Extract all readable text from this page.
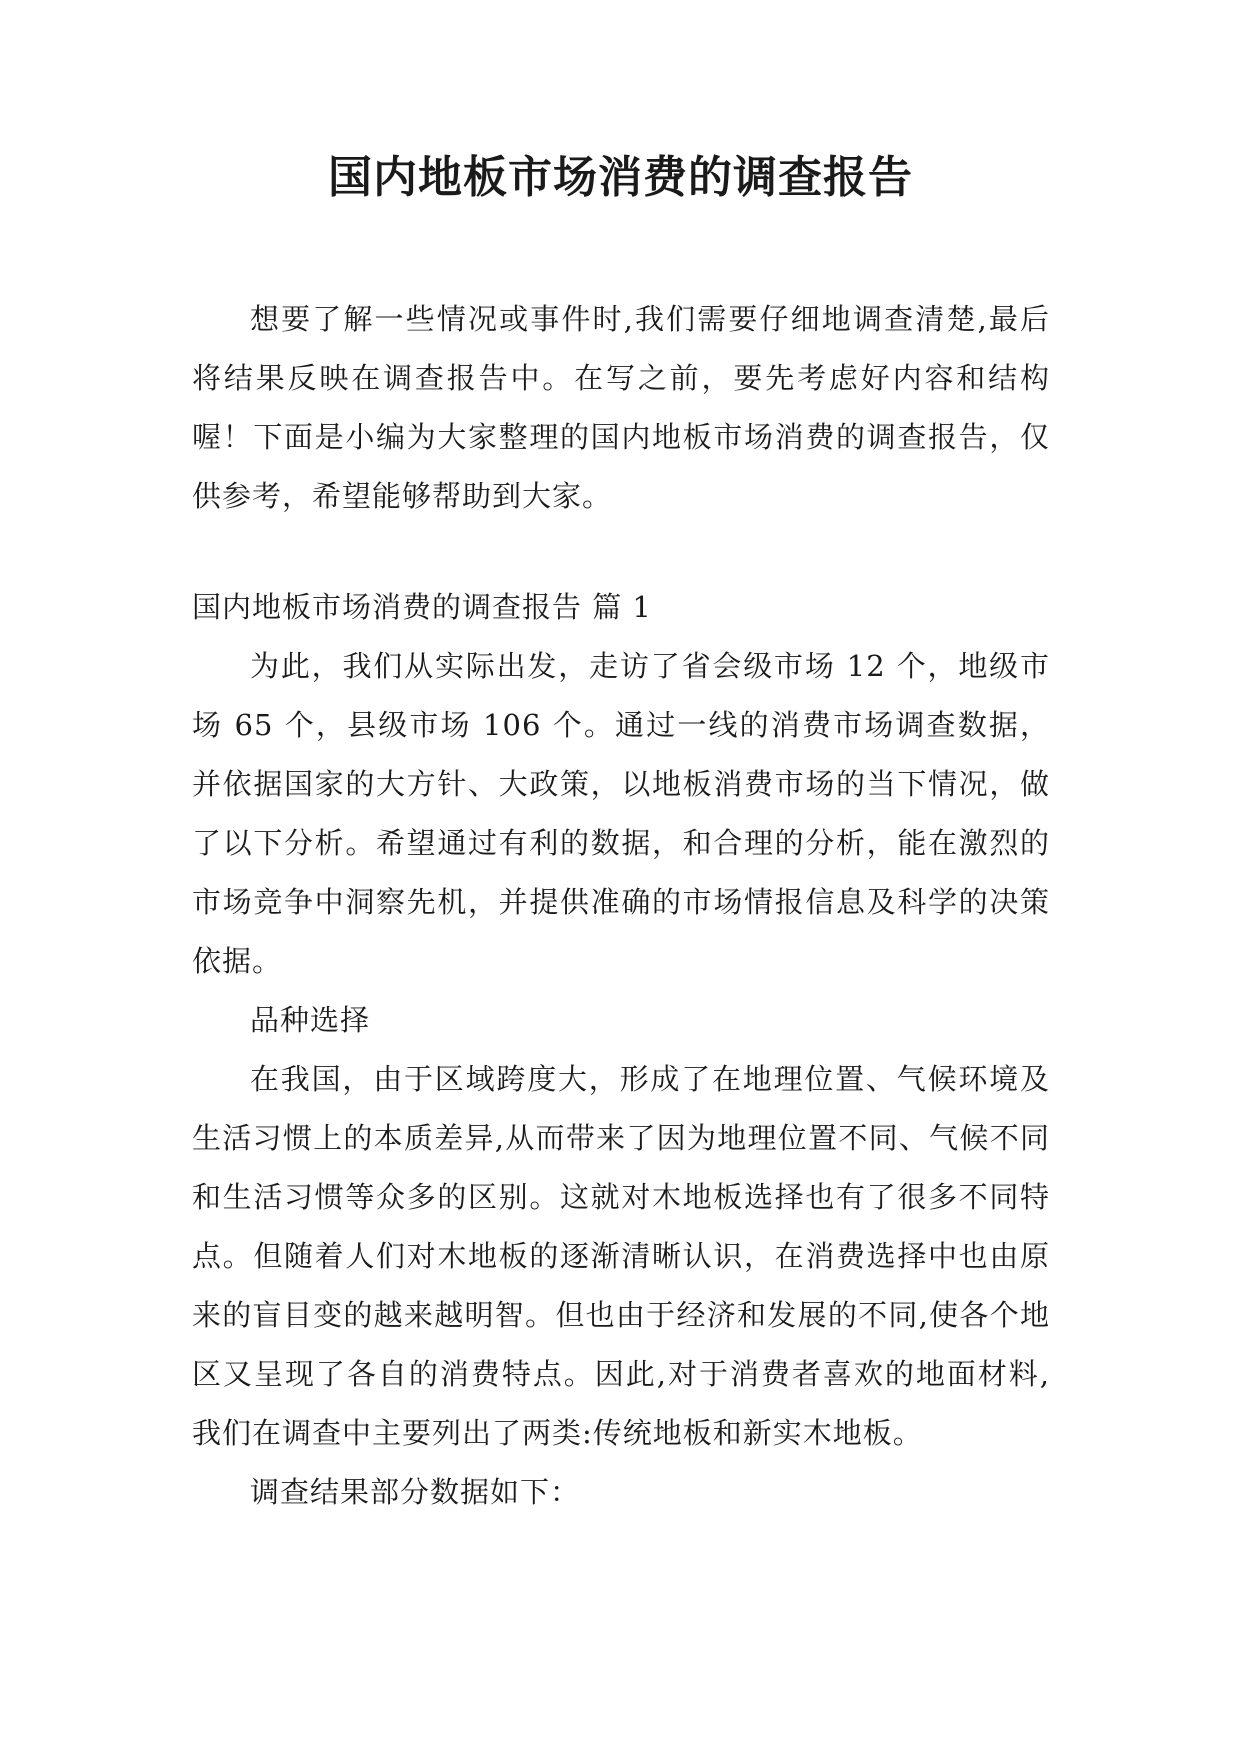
国内地板市场消费的调查报告

想要了解一些情况或事件时,我们需要仔细地调查清楚,最后将结果反映在调查报告中。在写之前，要先考虑好内容和结构喔！下面是小编为大家整理的国内地板市场消费的调查报告，仅供参考，希望能够帮助到大家。

国内地板市场消费的调查报告 篇 1

为此，我们从实际出发，走访了省会级市场 12 个，地级市场 65 个，县级市场 106 个。通过一线的消费市场调查数据，并依据国家的大方针、大政策，以地板消费市场的当下情况，做了以下分析。希望通过有利的数据，和合理的分析，能在激烈的市场竞争中洞察先机，并提供准确的市场情报信息及科学的决策依据。

品种选择

在我国，由于区域跨度大，形成了在地理位置、气候环境及生活习惯上的本质差异,从而带来了因为地理位置不同、气候不同和生活习惯等众多的区别。这就对木地板选择也有了很多不同特点。但随着人们对木地板的逐渐清晰认识，在消费选择中也由原来的盲目变的越来越明智。但也由于经济和发展的不同,使各个地区又呈现了各自的消费特点。因此,对于消费者喜欢的地面材料,我们在调查中主要列出了两类:传统地板和新实木地板。

调查结果部分数据如下：
